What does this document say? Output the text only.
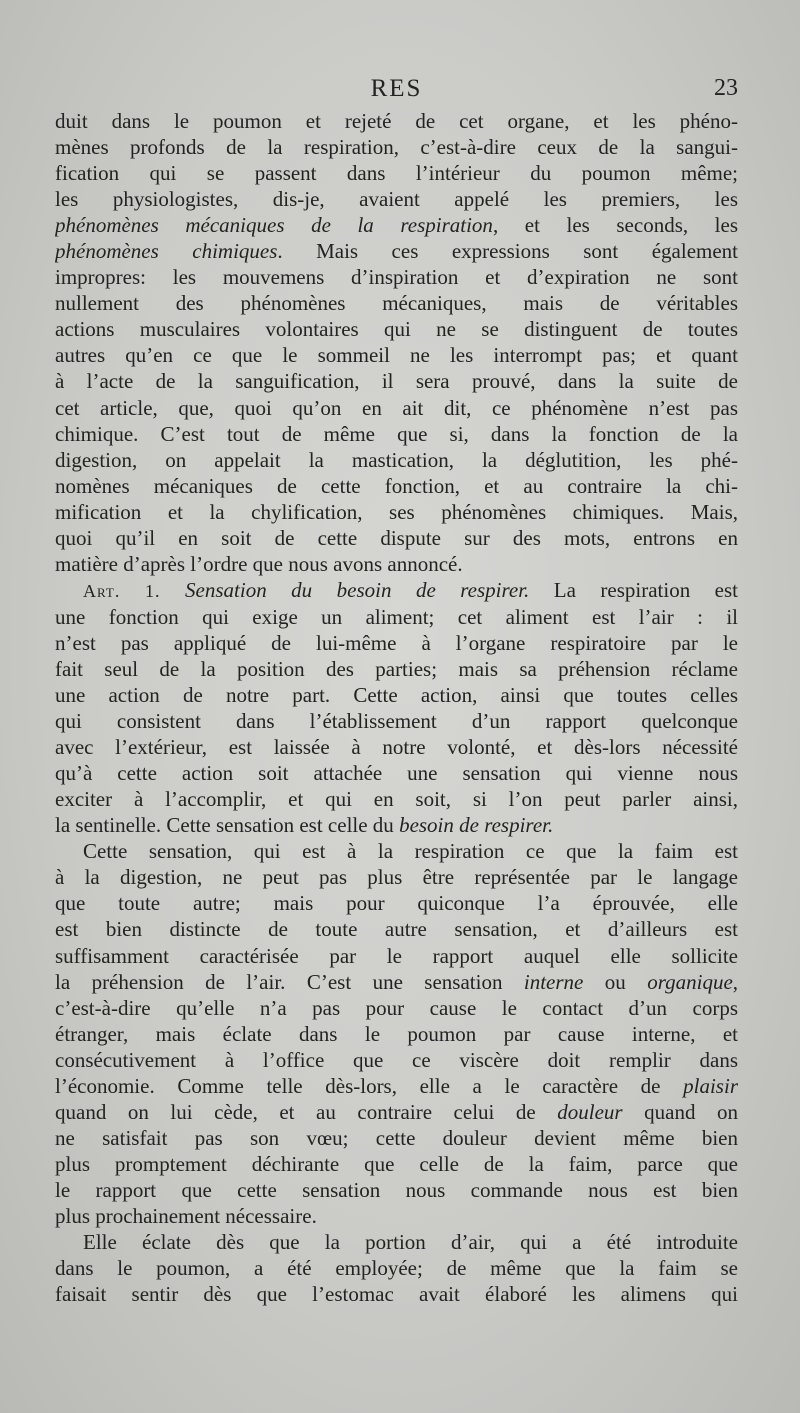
RES	23
duit dans le poumon et rejeté de cet organe, et les phéno-
mènes profonds de la respiration, c’est-à-dire ceux de la sangui-
fication qui se passent dans l’intérieur du poumon même;
les physiologistes, dis-je, avaient appelé les premiers, les
phénomènes mécaniques de la respiration, et les seconds, les
phénomènes chimiques. Mais ces expressions sont également
impropres: les mouvemens d’inspiration et d’expiration ne sont
nullement des phénomènes mécaniques, mais de véritables
actions musculaires volontaires qui ne se distinguent de toutes
autres qu’en ce que le sommeil ne les interrompt pas; et quant
à l’acte de la sanguification, il sera prouvé, dans la suite de
cet article, que, quoi qu’on en ait dit, ce phénomène n’est pas
chimique. C’est tout de même que si, dans la fonction de la
digestion, on appelait la mastication, la déglutition, les phé-
nomènes mécaniques de cette fonction, et au contraire la chi-
mification et la chylification, ses phénomènes chimiques. Mais,
quoi qu’il en soit de cette dispute sur des mots, entrons en
matière d’après l’ordre que nous avons annoncé.
Art. 1. Sensation du besoin de respirer. La respiration est
une fonction qui exige un aliment; cet aliment est l’air : il
n’est pas appliqué de lui-même à l’organe respiratoire par le
fait seul de la position des parties; mais sa préhension réclame
une action de notre part. Cette action, ainsi que toutes celles
qui consistent dans l’établissement d’un rapport quelconque
avec l’extérieur, est laissée à notre volonté, et dès-lors nécessité
qu’à cette action soit attachée une sensation qui vienne nous
exciter à l’accomplir, et qui en soit, si l’on peut parler ainsi,
la sentinelle. Cette sensation est celle du besoin de respirer.
Cette sensation, qui est à la respiration ce que la faim est
à la digestion, ne peut pas plus être représentée par le langage
que toute autre; mais pour quiconque l’a éprouvée, elle
est bien distincte de toute autre sensation, et d’ailleurs est
suffisamment caractérisée par le rapport auquel elle sollicite
la préhension de l’air. C’est une sensation interne ou organique,
c’est-à-dire qu’elle n’a pas pour cause le contact d’un corps
étranger, mais éclate dans le poumon par cause interne, et
consécutivement à l’office que ce viscère doit remplir dans
l’économie. Comme telle dès-lors, elle a le caractère de plaisir
quand on lui cède, et au contraire celui de douleur quand on
ne satisfait pas son vœu; cette douleur devient même bien
plus promptement déchirante que celle de la faim, parce que
le rapport que cette sensation nous commande nous est bien
plus prochainement nécessaire.
Elle éclate dès que la portion d’air, qui a été introduite
dans le poumon, a été employée; de même que la faim se
faisait sentir dès que l’estomac avait élaboré les alimens qui
